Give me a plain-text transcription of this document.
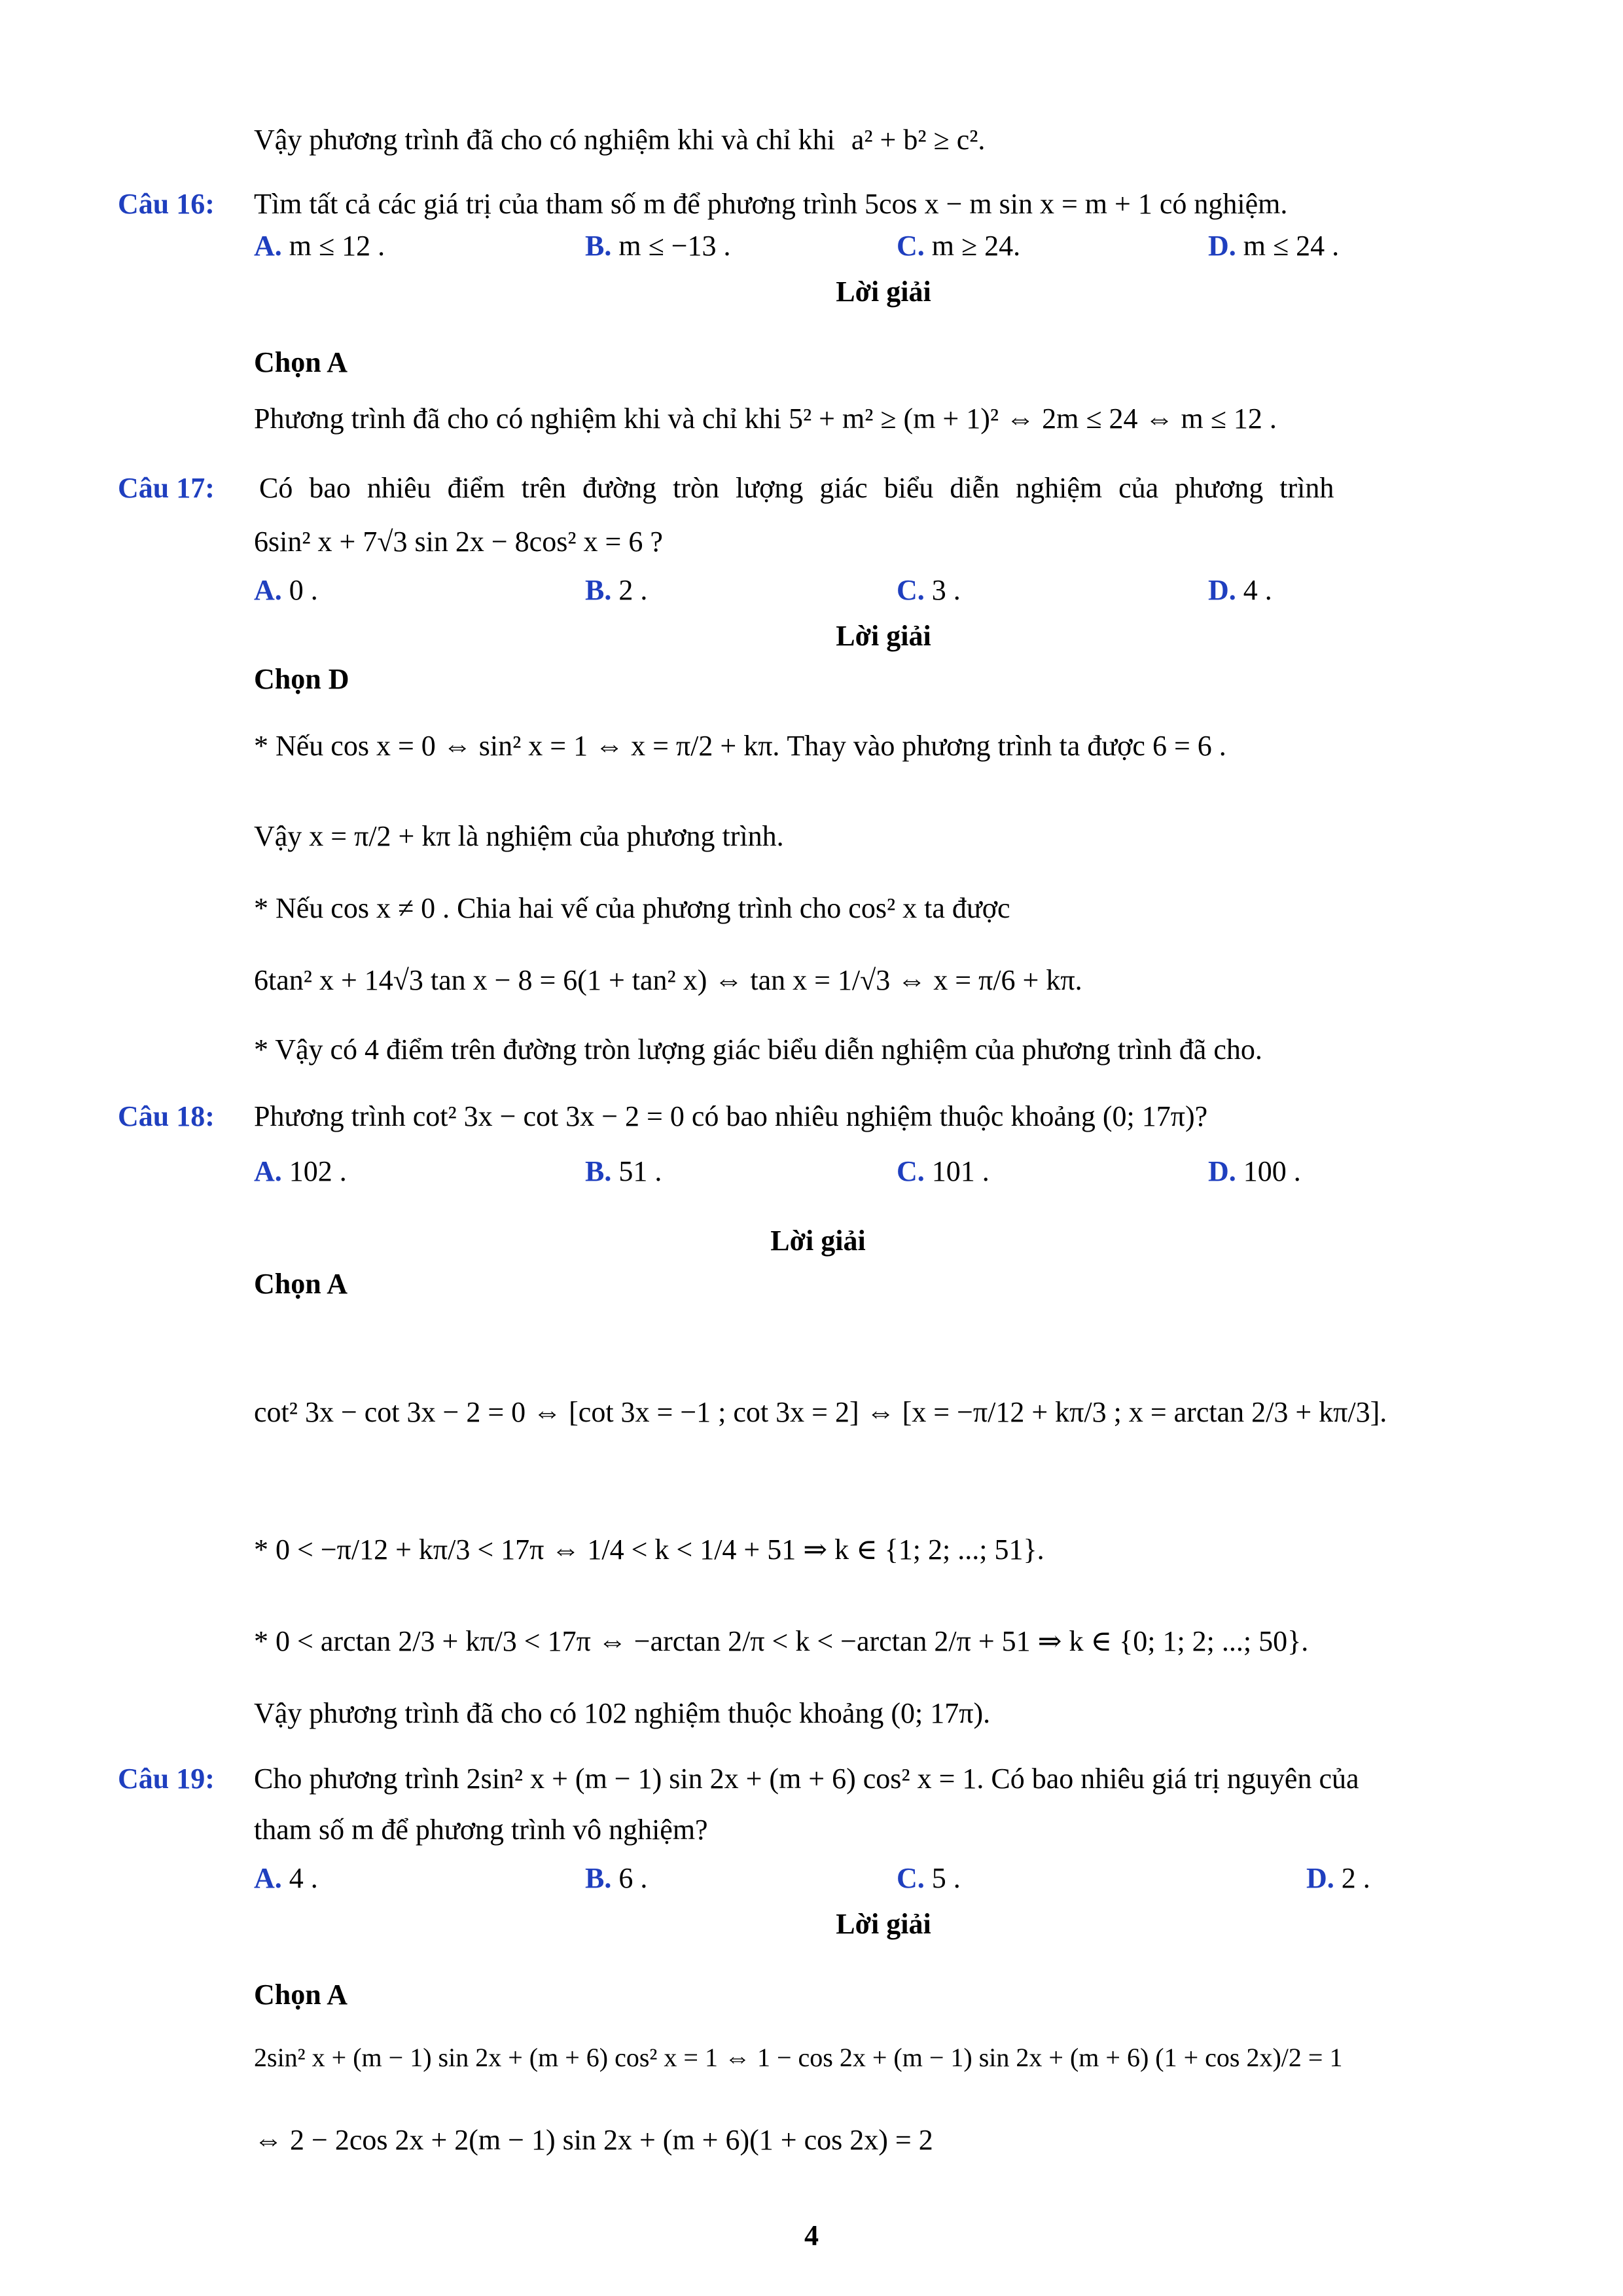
Vậy phương trình đã cho có nghiệm khi và chỉ khi a² + b² ≥ c².
Câu 16: Tìm tất cả các giá trị của tham số m để phương trình 5cos x − m sin x = m + 1 có nghiệm.
A. m ≤ 12 .	B. m ≤ −13 .	C. m ≥ 24.	D. m ≤ 24 .
Lời giải
Chọn A
Phương trình đã cho có nghiệm khi và chỉ khi 5² + m² ≥ (m + 1)² ⇔ 2m ≤ 24 ⇔ m ≤ 12 .
Câu 17: Có bao nhiêu điểm trên đường tròn lượng giác biểu diễn nghiệm của phương trình
6sin² x + 7√3 sin 2x − 8cos² x = 6 ?
A. 0 .	B. 2 .	C. 3 .	D. 4 .
Lời giải
Chọn D
* Nếu cos x = 0 ⇔ sin² x = 1 ⇔ x = π/2 + kπ. Thay vào phương trình ta được 6 = 6 .
Vậy x = π/2 + kπ là nghiệm của phương trình.
* Nếu cos x ≠ 0 . Chia hai vế của phương trình cho cos² x ta được
6tan² x + 14√3 tan x − 8 = 6(1 + tan² x) ⇔ tan x = 1/√3 ⇔ x = π/6 + kπ.
* Vậy có 4 điểm trên đường tròn lượng giác biểu diễn nghiệm của phương trình đã cho.
Câu 18: Phương trình cot² 3x − cot 3x − 2 = 0 có bao nhiêu nghiệm thuộc khoảng (0; 17π)?
A. 102 .	B. 51 .	C. 101 .	D. 100 .
Lời giải
Chọn A
cot² 3x − cot 3x − 2 = 0 ⇔ [cot 3x = −1 ; cot 3x = 2] ⇔ [x = −π/12 + kπ/3 ; x = arctan 2/3 + kπ/3].
* 0 < −π/12 + kπ/3 < 17π ⇔ 1/4 < k < 1/4 + 51 ⇒ k ∈ {1; 2; ...; 51}.
* 0 < arctan 2/3 + kπ/3 < 17π ⇔ −arctan 2/π < k < −arctan 2/π + 51 ⇒ k ∈ {0; 1; 2; ...; 50}.
Vậy phương trình đã cho có 102 nghiệm thuộc khoảng (0; 17π).
Câu 19: Cho phương trình 2sin² x + (m − 1) sin 2x + (m + 6) cos² x = 1. Có bao nhiêu giá trị nguyên của
tham số m để phương trình vô nghiệm?
A. 4 .	B. 6 .	C. 5 .	D. 2 .
Lời giải
Chọn A
2sin² x + (m − 1) sin 2x + (m + 6) cos² x = 1 ⇔ 1 − cos 2x + (m − 1) sin 2x + (m + 6) (1 + cos 2x)/2 = 1
⇔ 2 − 2cos 2x + 2(m − 1) sin 2x + (m + 6)(1 + cos 2x) = 2
4
